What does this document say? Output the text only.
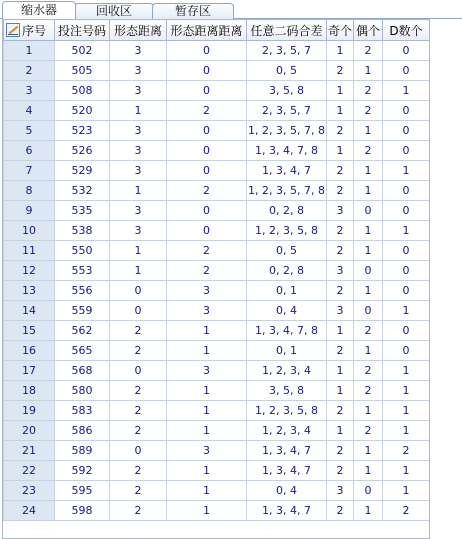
缩水器	回收区	暂存区
序号	投注号码	形态距离	形态距离距离	任意二码合差	奇个	偶个	D数个
1	502	3	0	2, 3, 5, 7	1	2	0
2	505	3	0	0, 5	2	1	0
3	508	3	0	3, 5, 8	1	2	1
4	520	1	2	2, 3, 5, 7	1	2	0
5	523	3	0	1, 2, 3, 5, 7, 8	2	1	0
6	526	3	0	1, 3, 4, 7, 8	1	2	0
7	529	3	0	1, 3, 4, 7	2	1	1
8	532	1	2	1, 2, 3, 5, 7, 8	2	1	0
9	535	3	0	0, 2, 8	3	0	0
10	538	3	0	1, 2, 3, 5, 8	2	1	1
11	550	1	2	0, 5	2	1	0
12	553	1	2	0, 2, 8	3	0	0
13	556	0	3	0, 1	2	1	0
14	559	0	3	0, 4	3	0	1
15	562	2	1	1, 3, 4, 7, 8	1	2	0
16	565	2	1	0, 1	2	1	0
17	568	0	3	1, 2, 3, 4	1	2	1
18	580	2	1	3, 5, 8	1	2	1
19	583	2	1	1, 2, 3, 5, 8	2	1	1
20	586	2	1	1, 2, 3, 4	1	2	1
21	589	0	3	1, 3, 4, 7	2	1	2
22	592	2	1	1, 3, 4, 7	2	1	1
23	595	2	1	0, 4	3	0	1
24	598	2	1	1, 3, 4, 7	2	1	2
